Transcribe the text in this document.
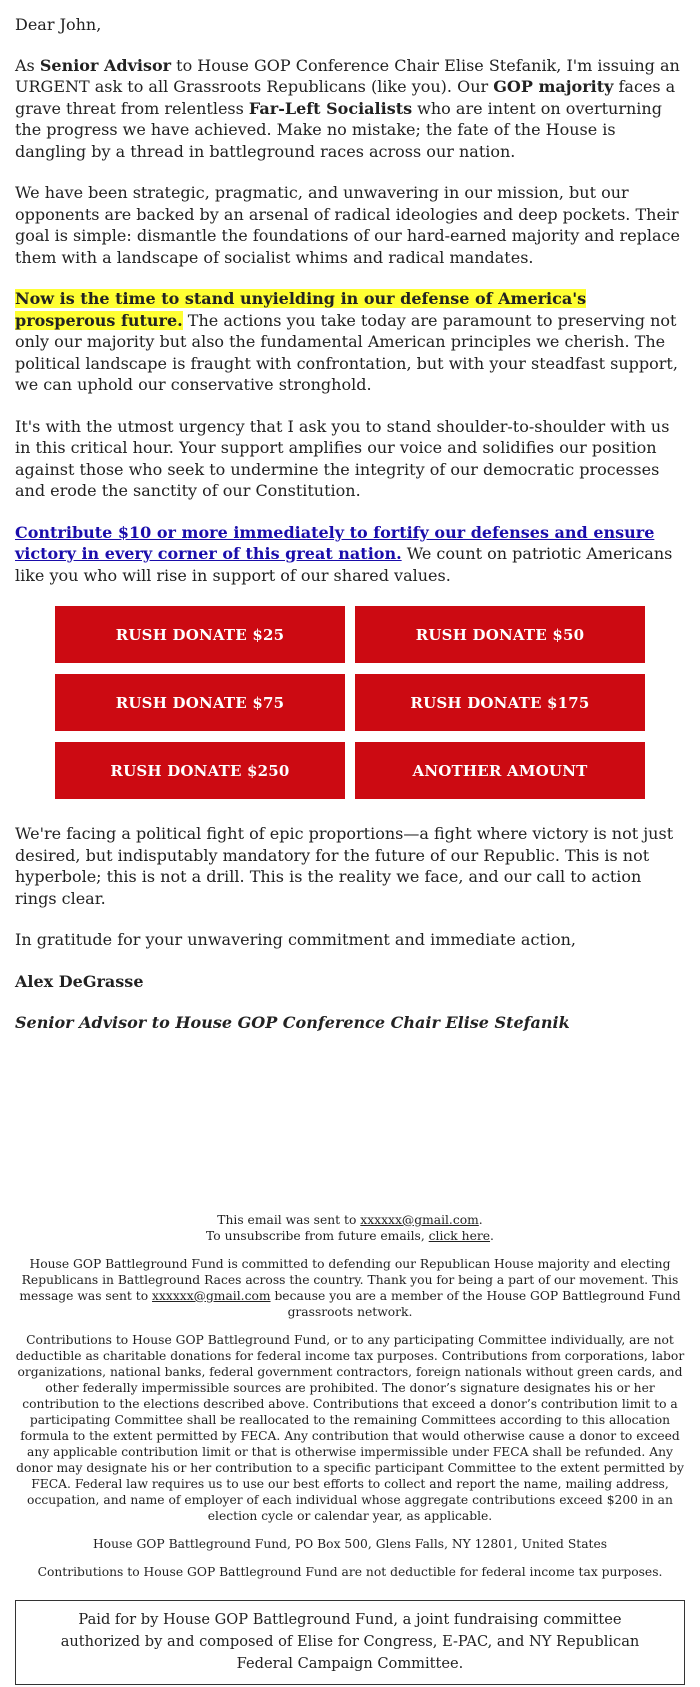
Dear John,

As Senior Advisor to House GOP Conference Chair Elise Stefanik, I'm issuing an URGENT ask to all Grassroots Republicans (like you). Our GOP majority faces a grave threat from relentless Far-Left Socialists who are intent on overturning the progress we have achieved. Make no mistake; the fate of the House is dangling by a thread in battleground races across our nation.

We have been strategic, pragmatic, and unwavering in our mission, but our opponents are backed by an arsenal of radical ideologies and deep pockets. Their goal is simple: dismantle the foundations of our hard-earned majority and replace them with a landscape of socialist whims and radical mandates.

Now is the time to stand unyielding in our defense of America's prosperous future. The actions you take today are paramount to preserving not only our majority but also the fundamental American principles we cherish. The political landscape is fraught with confrontation, but with your steadfast support, we can uphold our conservative stronghold.

It's with the utmost urgency that I ask you to stand shoulder-to-shoulder with us in this critical hour. Your support amplifies our voice and solidifies our position against those who seek to undermine the integrity of our democratic processes and erode the sanctity of our Constitution.

Contribute $10 or more immediately to fortify our defenses and ensure victory in every corner of this great nation. We count on patriotic Americans like you who will rise in support of our shared values.

RUSH DONATE $25	RUSH DONATE $50
RUSH DONATE $75	RUSH DONATE $175
RUSH DONATE $250	ANOTHER AMOUNT

We're facing a political fight of epic proportions—a fight where victory is not just desired, but indisputably mandatory for the future of our Republic. This is not hyperbole; this is not a drill. This is the reality we face, and our call to action rings clear.

In gratitude for your unwavering commitment and immediate action,

Alex DeGrasse

Senior Advisor to House GOP Conference Chair Elise Stefanik

This email was sent to xxxxxx@gmail.com.
To unsubscribe from future emails, click here.

House GOP Battleground Fund is committed to defending our Republican House majority and electing Republicans in Battleground Races across the country. Thank you for being a part of our movement. This message was sent to xxxxxx@gmail.com because you are a member of the House GOP Battleground Fund grassroots network.

Contributions to House GOP Battleground Fund, or to any participating Committee individually, are not deductible as charitable donations for federal income tax purposes. Contributions from corporations, labor organizations, national banks, federal government contractors, foreign nationals without green cards, and other federally impermissible sources are prohibited. The donor’s signature designates his or her contribution to the elections described above. Contributions that exceed a donor’s contribution limit to a participating Committee shall be reallocated to the remaining Committees according to this allocation formula to the extent permitted by FECA. Any contribution that would otherwise cause a donor to exceed any applicable contribution limit or that is otherwise impermissible under FECA shall be refunded. Any donor may designate his or her contribution to a specific participant Committee to the extent permitted by FECA. Federal law requires us to use our best efforts to collect and report the name, mailing address, occupation, and name of employer of each individual whose aggregate contributions exceed $200 in an election cycle or calendar year, as applicable.

House GOP Battleground Fund, PO Box 500, Glens Falls, NY 12801, United States

Contributions to House GOP Battleground Fund are not deductible for federal income tax purposes.

Paid for by House GOP Battleground Fund, a joint fundraising committee authorized by and composed of Elise for Congress, E-PAC, and NY Republican Federal Campaign Committee.
